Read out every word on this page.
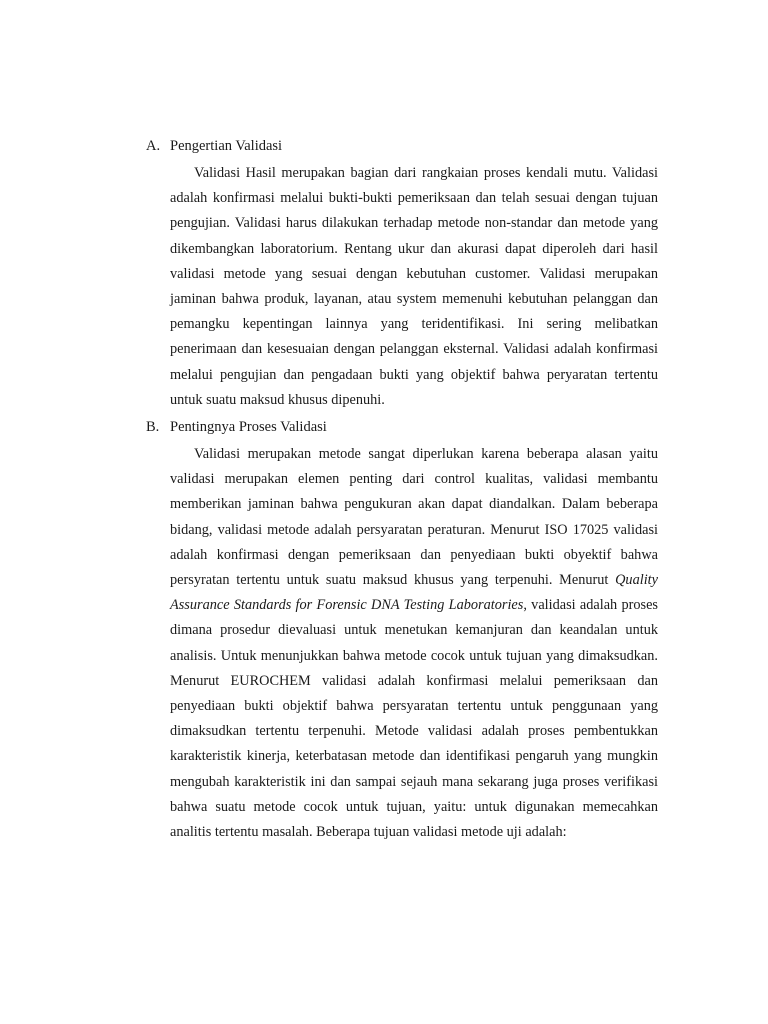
A. Pengertian Validasi

Validasi Hasil merupakan bagian dari rangkaian proses kendali mutu. Validasi adalah konfirmasi melalui bukti-bukti pemeriksaan dan telah sesuai dengan tujuan pengujian. Validasi harus dilakukan terhadap metode non-standar dan metode yang dikembangkan laboratorium. Rentang ukur dan akurasi dapat diperoleh dari hasil validasi metode yang sesuai dengan kebutuhan customer. Validasi merupakan jaminan bahwa produk, layanan, atau system memenuhi kebutuhan pelanggan dan pemangku kepentingan lainnya yang teridentifikasi. Ini sering melibatkan penerimaan dan kesesuaian dengan pelanggan eksternal. Validasi adalah konfirmasi melalui pengujian dan pengadaan bukti yang objektif bahwa peryaratan tertentu untuk suatu maksud khusus dipenuhi.

B. Pentingnya Proses Validasi

Validasi merupakan metode sangat diperlukan karena beberapa alasan yaitu validasi merupakan elemen penting dari control kualitas, validasi membantu memberikan jaminan bahwa pengukuran akan dapat diandalkan. Dalam beberapa bidang, validasi metode adalah persyaratan peraturan. Menurut ISO 17025 validasi adalah konfirmasi dengan pemeriksaan dan penyediaan bukti obyektif bahwa persyratan tertentu untuk suatu maksud khusus yang terpenuhi. Menurut Quality Assurance Standards for Forensic DNA Testing Laboratories, validasi adalah proses dimana prosedur dievaluasi untuk menetukan kemanjuran dan keandalan untuk analisis. Untuk menunjukkan bahwa metode cocok untuk tujuan yang dimaksudkan. Menurut EUROCHEM validasi adalah konfirmasi melalui pemeriksaan dan penyediaan bukti objektif bahwa persyaratan tertentu untuk penggunaan yang dimaksudkan tertentu terpenuhi. Metode validasi adalah proses pembentukkan karakteristik kinerja, keterbatasan metode dan identifikasi pengaruh yang mungkin mengubah karakteristik ini dan sampai sejauh mana sekarang juga proses verifikasi bahwa suatu metode cocok untuk tujuan, yaitu: untuk digunakan memecahkan analitis tertentu masalah. Beberapa tujuan validasi metode uji adalah:
